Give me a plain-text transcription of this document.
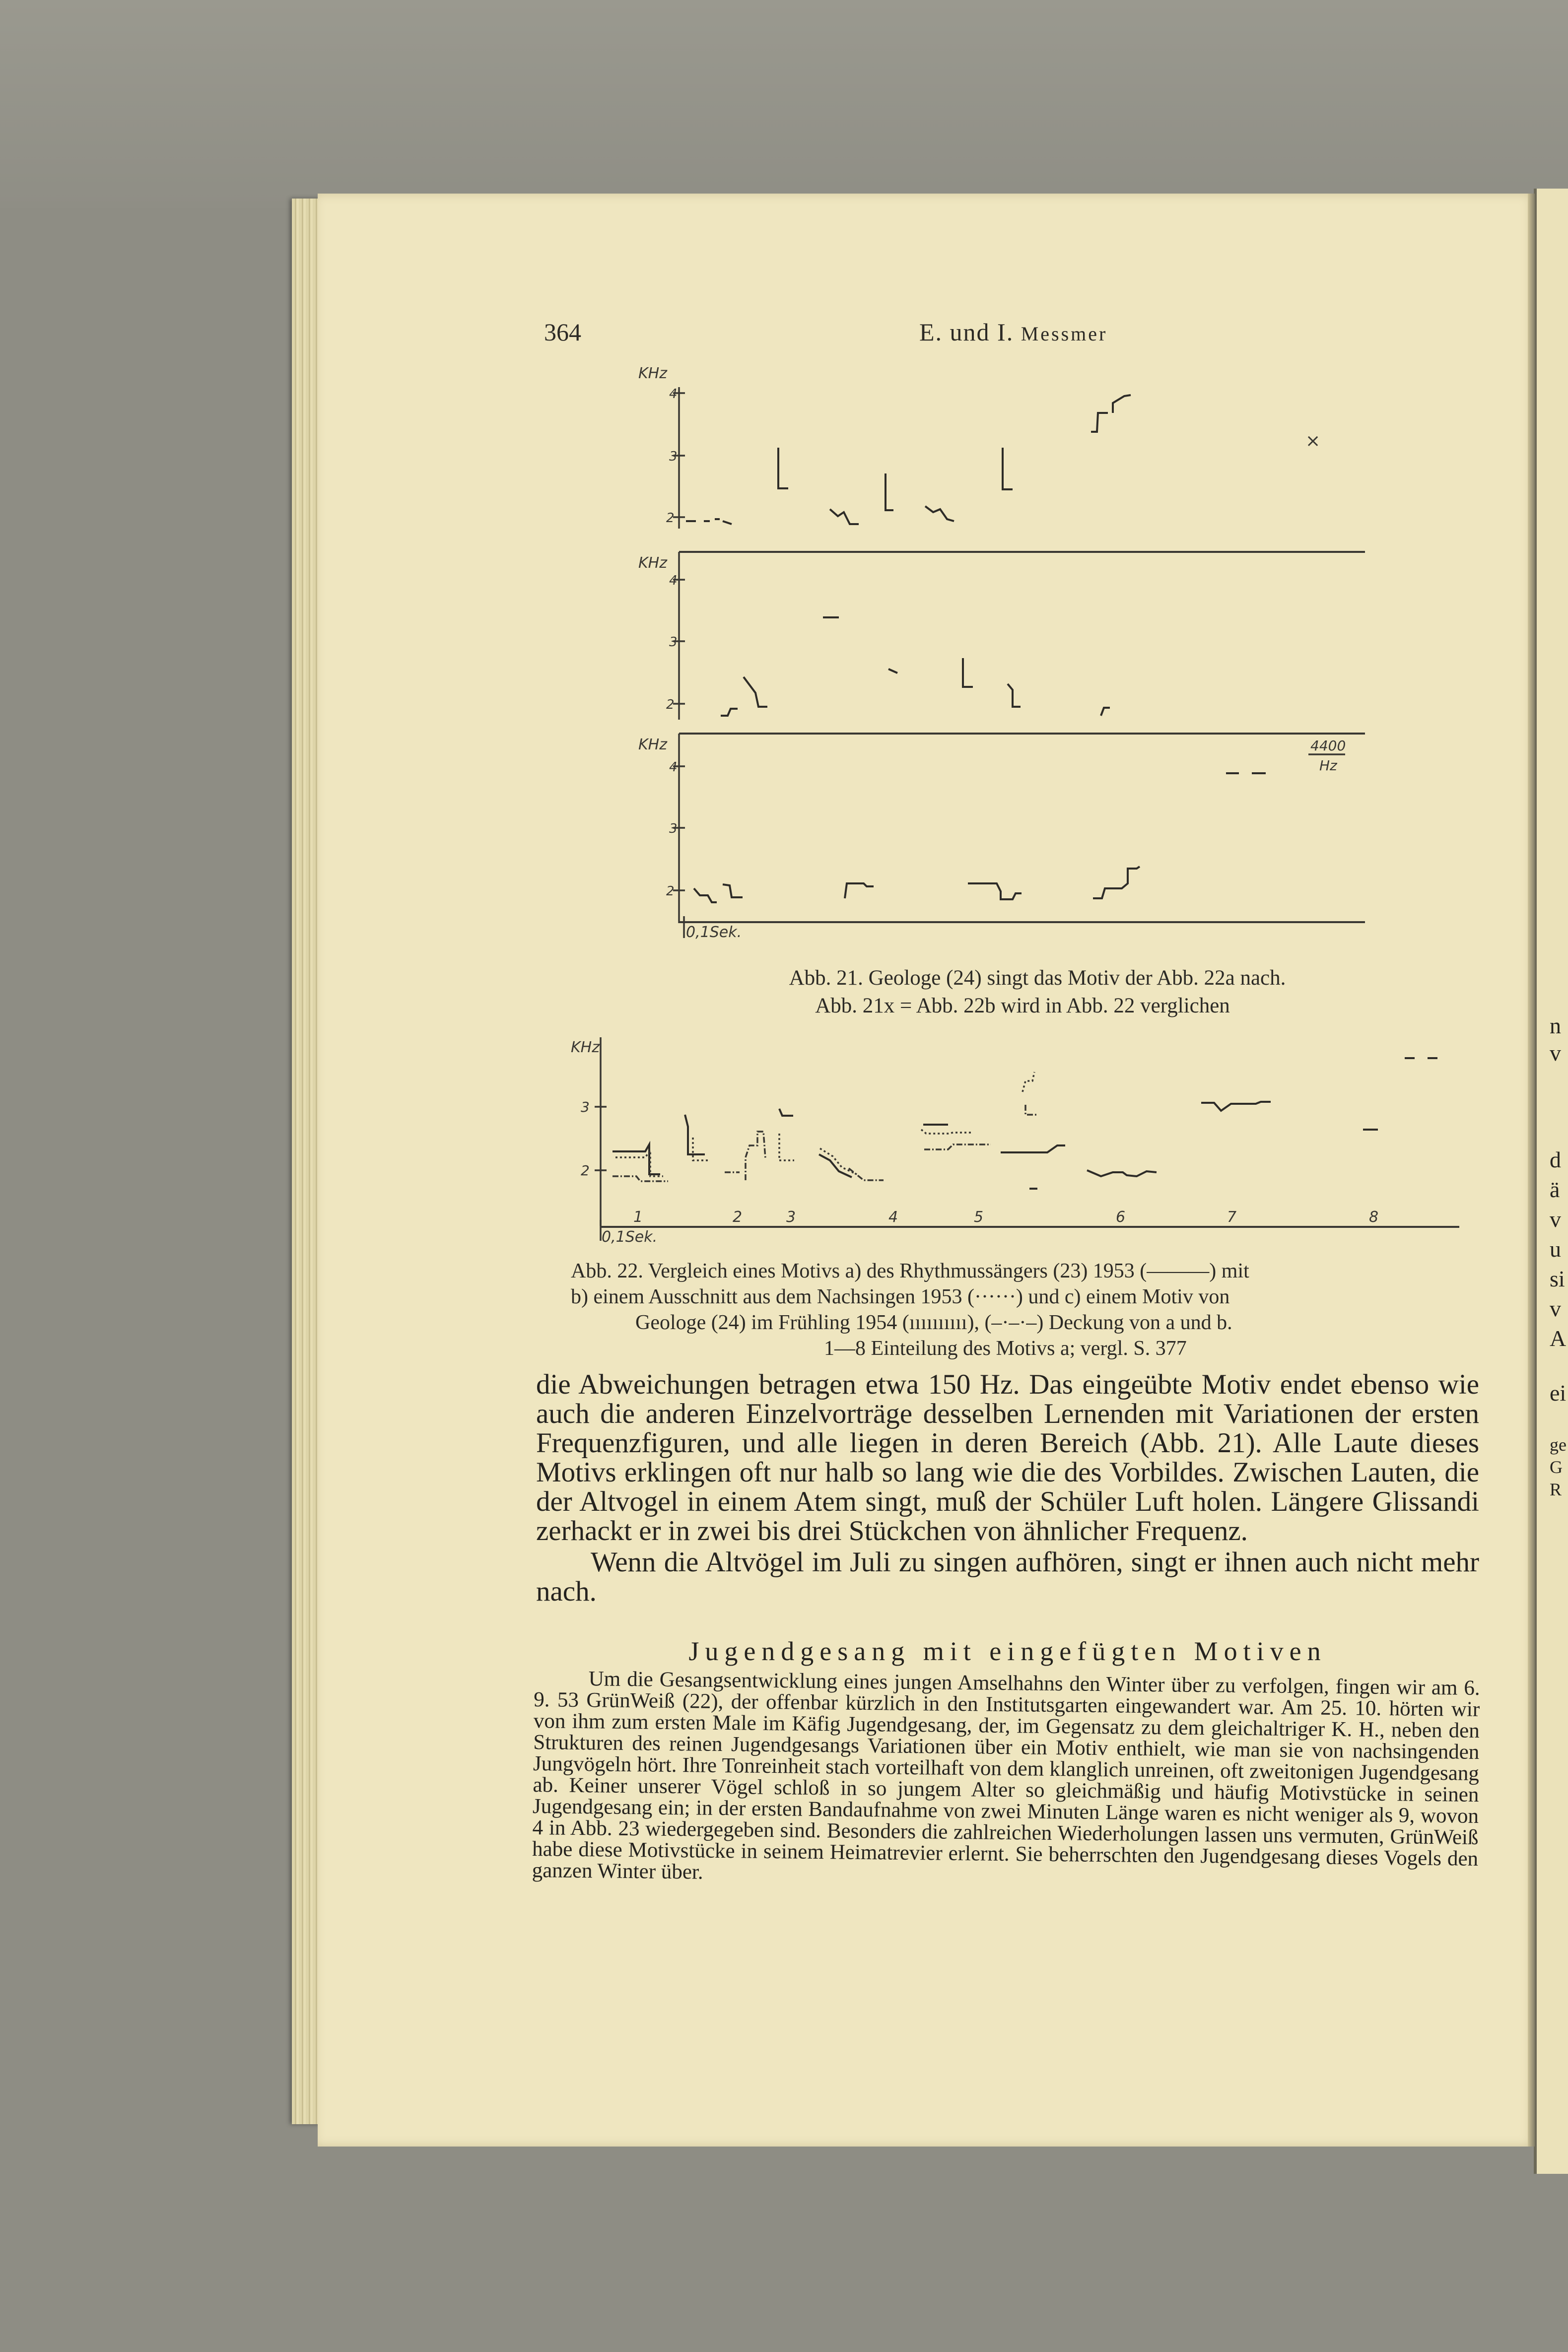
364	E. und I. Messmer
KHz
4
3
2
×
KHz
4
3
2
KHz
4
3
2
4400
Hz
0,1Sek.
Abb. 21. Geologe (24) singt das Motiv der Abb. 22a nach.
Abb. 21x = Abb. 22b wird in Abb. 22 verglichen
KHz
3
2
0,1Sek.
1	2	3	4	5	6	7	8
Abb. 22. Vergleich eines Motivs a) des Rhythmussängers (23) 1953 (———) mit
b) einem Ausschnitt aus dem Nachsingen 1953 (······) und c) einem Motiv von
Geologe (24) im Frühling 1954 (ıııııııııı), (–·–·–) Deckung von a und b.
1—8 Einteilung des Motivs a; vergl. S. 377

die Abweichungen betragen etwa 150 Hz. Das eingeübte Motiv endet ebenso wie auch die anderen Einzelvorträge desselben Lernenden mit Variationen der ersten Frequenzfiguren, und alle liegen in deren Bereich (Abb. 21). Alle Laute dieses Motivs erklingen oft nur halb so lang wie die des Vorbildes. Zwischen Lauten, die der Altvogel in einem Atem singt, muß der Schüler Luft holen. Längere Glissandi zerhackt er in zwei bis drei Stückchen von ähnlicher Frequenz.

Wenn die Altvögel im Juli zu singen aufhören, singt er ihnen auch nicht mehr nach.

Jugendgesang mit eingefügten Motiven

Um die Gesangsentwicklung eines jungen Amselhahns den Winter über zu verfolgen, fingen wir am 6. 9. 53 GrünWeiß (22), der offenbar kürzlich in den Institutsgarten eingewandert war. Am 25. 10. hörten wir von ihm zum ersten Male im Käfig Jugendgesang, der, im Gegensatz zu dem gleichaltriger K. H., neben den Strukturen des reinen Jugendgesangs Variationen über ein Motiv enthielt, wie man sie von nachsingenden Jungvögeln hört. Ihre Tonreinheit stach vorteilhaft von dem klanglich unreinen, oft zweitonigen Jugendgesang ab. Keiner unserer Vögel schloß in so jungem Alter so gleichmäßig und häufig Motivstücke in seinen Jugendgesang ein; in der ersten Bandaufnahme von zwei Minuten Länge waren es nicht weniger als 9, wovon 4 in Abb. 23 wiedergegeben sind. Besonders die zahlreichen Wiederholungen lassen uns vermuten, GrünWeiß habe diese Motivstücke in seinem Heimatrevier erlernt. Sie beherrschten den Jugendgesang dieses Vogels den ganzen Winter über.

n
v
d
ä
v
u
si
v
A
ei
ge
G
R
